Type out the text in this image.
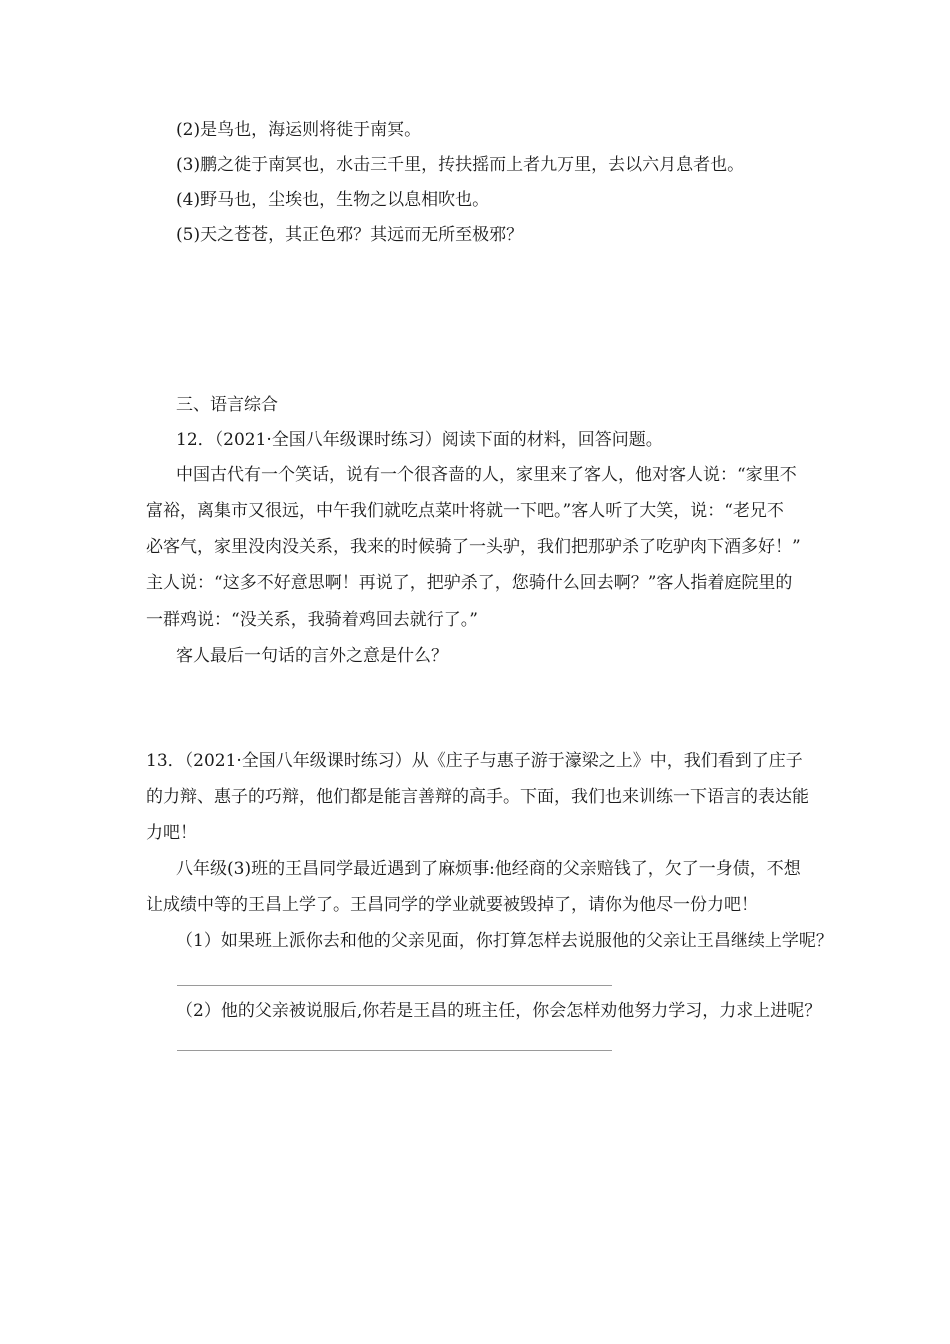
(2)是鸟也，海运则将徙于南冥。
(3)鹏之徙于南冥也，水击三千里，抟扶摇而上者九万里，去以六月息者也。
(4)野马也，尘埃也，生物之以息相吹也。
(5)天之苍苍，其正色邪？其远而无所至极邪？
三、语言综合
12．（2021·全国八年级课时练习）阅读下面的材料，回答问题。
中国古代有一个笑话，说有一个很吝啬的人，家里来了客人，他对客人说：“家里不
富裕，离集市又很远，中午我们就吃点菜叶将就一下吧。”客人听了大笑，说：“老兄不
必客气，家里没肉没关系，我来的时候骑了一头驴，我们把那驴杀了吃驴肉下酒多好！”
主人说：“这多不好意思啊！再说了，把驴杀了，您骑什么回去啊？”客人指着庭院里的
一群鸡说：“没关系，我骑着鸡回去就行了。”
客人最后一句话的言外之意是什么？
13．（2021·全国八年级课时练习）从《庄子与惠子游于濠梁之上》中，我们看到了庄子
的力辩、惠子的巧辩，他们都是能言善辩的高手。下面，我们也来训练一下语言的表达能
力吧！
八年级(3)班的王昌同学最近遇到了麻烦事:他经商的父亲赔钱了，欠了一身债，不想
让成绩中等的王昌上学了。王昌同学的学业就要被毁掉了，请你为他尽一份力吧！
（1）如果班上派你去和他的父亲见面，你打算怎样去说服他的父亲让王昌继续上学呢？
（2）他的父亲被说服后,你若是王昌的班主任，你会怎样劝他努力学习，力求上进呢？
